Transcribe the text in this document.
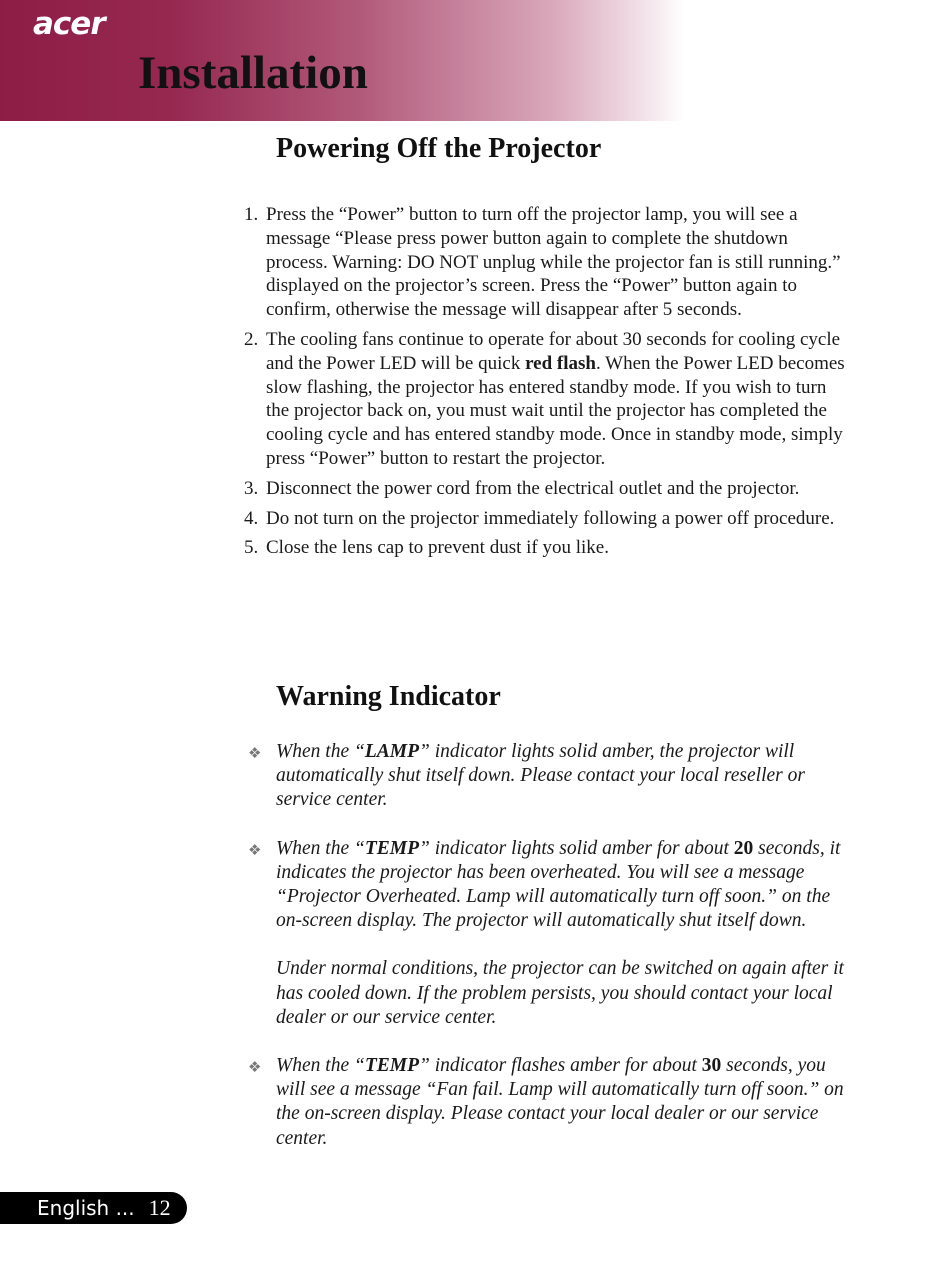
acer
Installation
Powering Off the Projector
1. Press the “Power” button to turn off the projector lamp, you will see a message “Please press power button again to complete the shutdown process. Warning: DO NOT unplug while the projector fan is still running.” displayed on the projector’s screen. Press the “Power” button again to confirm, otherwise the message will disappear after 5 seconds.
2. The cooling fans continue to operate for about 30 seconds for cooling cycle and the Power LED will be quick red flash. When the Power LED becomes slow flashing, the projector has entered standby mode. If you wish to turn the projector back on, you must wait until the projector has completed the cooling cycle and has entered standby mode. Once in standby mode, simply press “Power” button to restart the projector.
3. Disconnect the power cord from the electrical outlet and the projector.
4. Do not turn on the projector immediately following a power off procedure.
5. Close the lens cap to prevent dust if you like.
Warning Indicator
❖ When the “LAMP” indicator lights solid amber, the projector will automatically shut itself down. Please contact your local reseller or service center.
❖ When the “TEMP” indicator lights solid amber for about 20 seconds, it indicates the projector has been overheated. You will see a message “Projector Overheated. Lamp will automatically turn off soon.” on the on-screen display. The projector will automatically shut itself down.
Under normal conditions, the projector can be switched on again after it has cooled down. If the problem persists, you should contact your local dealer or our service center.
❖ When the “TEMP” indicator flashes amber for about 30 seconds, you will see a message “Fan fail. Lamp will automatically turn off soon.” on the on-screen display. Please contact your local dealer or our service center.
English ... 12
